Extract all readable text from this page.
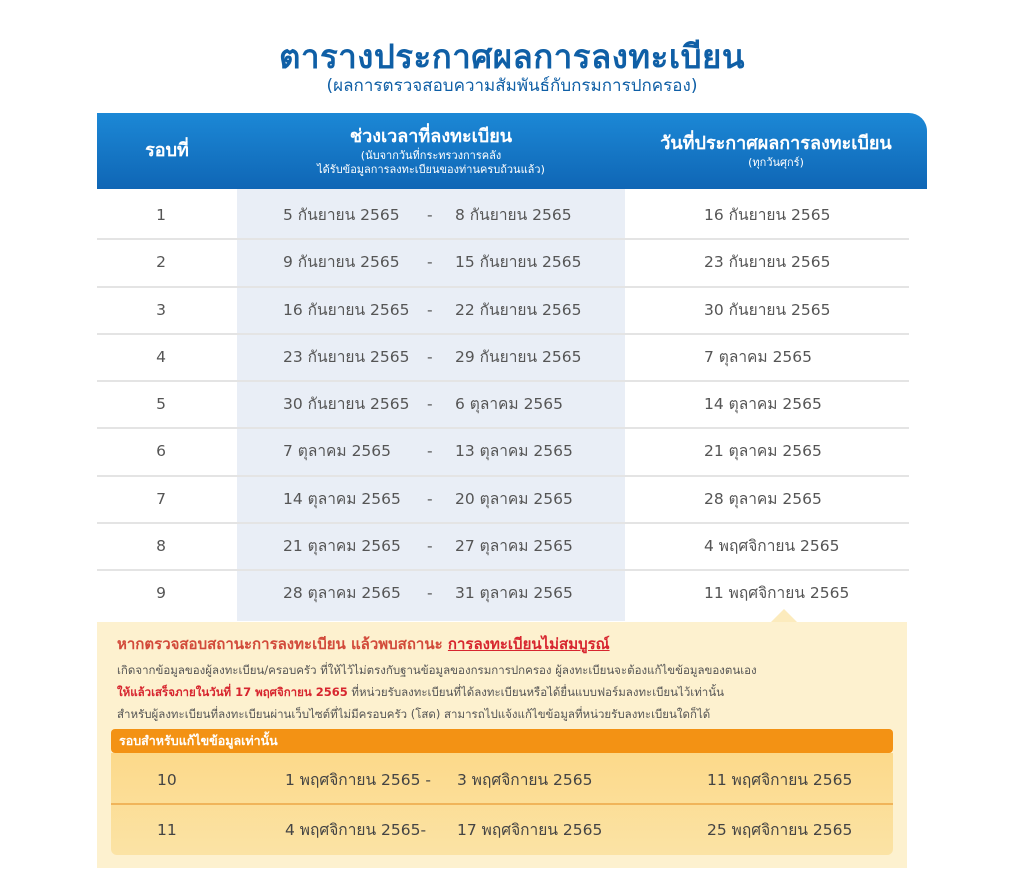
ตารางประกาศผลการลงทะเบียน
(ผลการตรวจสอบความสัมพันธ์กับกรมการปกครอง)
รอบที่
ช่วงเวลาที่ลงทะเบียน
(นับจากวันที่กระทรวงการคลัง
ได้รับข้อมูลการลงทะเบียนของท่านครบถ้วนแล้ว)
วันที่ประกาศผลการลงทะเบียน
(ทุกวันศุกร์)
1	5 กันยายน 2565 - 8 กันยายน 2565	16 กันยายน 2565
2	9 กันยายน 2565 - 15 กันยายน 2565	23 กันยายน 2565
3	16 กันยายน 2565 - 22 กันยายน 2565	30 กันยายน 2565
4	23 กันยายน 2565 - 29 กันยายน 2565	7 ตุลาคม 2565
5	30 กันยายน 2565 - 6 ตุลาคม 2565	14 ตุลาคม 2565
6	7 ตุลาคม 2565 - 13 ตุลาคม 2565	21 ตุลาคม 2565
7	14 ตุลาคม 2565 - 20 ตุลาคม 2565	28 ตุลาคม 2565
8	21 ตุลาคม 2565 - 27 ตุลาคม 2565	4 พฤศจิกายน 2565
9	28 ตุลาคม 2565 - 31 ตุลาคม 2565	11 พฤศจิกายน 2565
หากตรวจสอบสถานะการลงทะเบียน แล้วพบสถานะ การลงทะเบียนไม่สมบูรณ์
เกิดจากข้อมูลของผู้ลงทะเบียน/ครอบครัว ที่ให้ไว้ไม่ตรงกับฐานข้อมูลของกรมการปกครอง ผู้ลงทะเบียนจะต้องแก้ไขข้อมูลของตนเอง
ให้แล้วเสร็จภายในวันที่ 17 พฤศจิกายน 2565 ที่หน่วยรับลงทะเบียนที่ได้ลงทะเบียนหรือได้ยื่นแบบฟอร์มลงทะเบียนไว้เท่านั้น
สำหรับผู้ลงทะเบียนที่ลงทะเบียนผ่านเว็บไซต์ที่ไม่มีครอบครัว (โสด) สามารถไปแจ้งแก้ไขข้อมูลที่หน่วยรับลงทะเบียนใดก็ได้
รอบสำหรับแก้ไขข้อมูลเท่านั้น
10	1 พฤศจิกายน 2565 - 3 พฤศจิกายน 2565	11 พฤศจิกายน 2565
11	4 พฤศจิกายน 2565- 17 พฤศจิกายน 2565	25 พฤศจิกายน 2565
